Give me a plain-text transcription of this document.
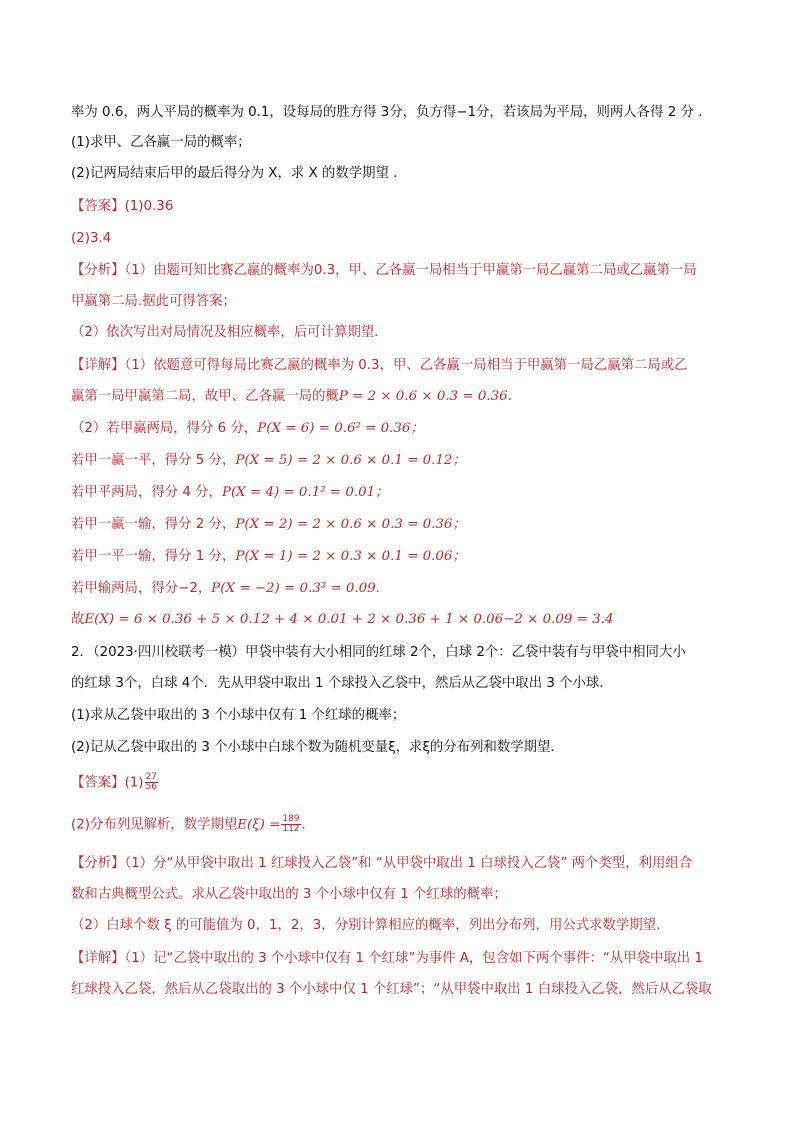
率为 0.6，两人平局的概率为 0.1，设每局的胜方得 3分，负方得−1分，若该局为平局，则两人各得 2 分 .
(1)求甲、乙各赢一局的概率；
(2)记两局结束后甲的最后得分为 X，求 X 的数学期望 .
【答案】(1)0.36
(2)3.4
【分析】（1）由题可知比赛乙赢的概率为0.3，甲、乙各赢一局相当于甲赢第一局乙赢第二局或乙赢第一局
甲赢第二局.据此可得答案；
（2）依次写出对局情况及相应概率，后可计算期望.
【详解】（1）依题意可得每局比赛乙赢的概率为 0.3，甲、乙各赢一局相当于甲赢第一局乙赢第二局或乙
赢第一局甲赢第二局，故甲、乙各赢一局的概P = 2 × 0.6 × 0.3 = 0.36.
（2）若甲赢两局，得分 6 分，P(X = 6) = 0.6² = 0.36；
若甲一赢一平，得分 5 分，P(X = 5) = 2 × 0.6 × 0.1 = 0.12；
若甲平两局，得分 4 分，P(X = 4) = 0.1² = 0.01；
若甲一赢一输，得分 2 分，P(X = 2) = 2 × 0.6 × 0.3 = 0.36；
若甲一平一输，得分 1 分，P(X = 1) = 2 × 0.3 × 0.1 = 0.06；
若甲输两局，得分−2，P(X = −2) = 0.3² = 0.09.
故E(X) = 6 × 0.36 + 5 × 0.12 + 4 × 0.01 + 2 × 0.36 + 1 × 0.06−2 × 0.09 = 3.4
2．（2023·四川校联考一模）甲袋中装有大小相同的红球 2个，白球 2个：乙袋中装有与甲袋中相同大小
的红球 3个，白球 4个．先从甲袋中取出 1 个球投入乙袋中，然后从乙袋中取出 3 个小球．
(1)求从乙袋中取出的 3 个小球中仅有 1 个红球的概率；
(2)记从乙袋中取出的 3 个小球中白球个数为随机变量ξ，求ξ的分布列和数学期望．
【答案】$(1) \frac{27}{56}$
(2)分布列见解析，数学期望$E(\xi) = \frac{189}{112}$ .
【分析】（1）分“从甲袋中取出 1 红球投入乙袋”和 “从甲袋中取出 1 白球投入乙袋” 两个类型，利用组合
数和古典概型公式。求从乙袋中取出的 3 个小球中仅有 1 个红球的概率；
（2）白球个数 ξ 的可能值为 0，1，2，3，分别计算相应的概率，列出分布列，用公式求数学期望.
【详解】（1）记“乙袋中取出的 3 个小球中仅有 1 个红球”为事件 A，包含如下两个事件：“从甲袋中取出 1
红球投入乙袋，然后从乙袋取出的 3 个小球中仅 1 个红球”；“从甲袋中取出 1 白球投入乙袋，然后从乙袋取
